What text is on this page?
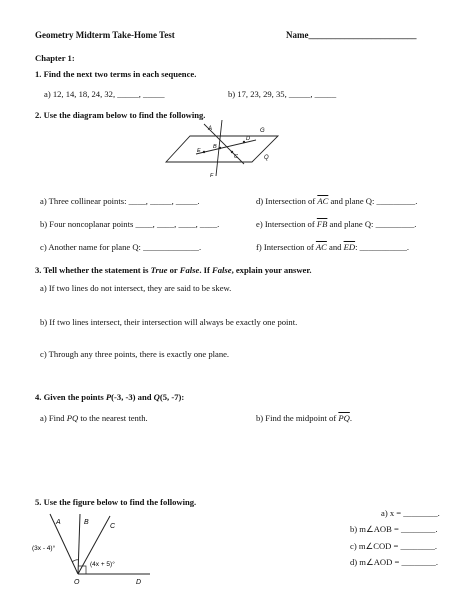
Geometry Midterm Take-Home Test	Name________________________
Chapter 1:
1. Find the next two terms in each sequence.
a) 12, 14, 18, 24, 32, _____, _____	b) 17, 23, 29, 35, _____, _____
2. Use the diagram below to find the following.
A	G
E
B
C
D
F
Q
a) Three collinear points: ____, _____, _____.
b) Four noncoplanar points ____, ____, ____, ____.
c) Another name for plane Q: _____________.
d) Intersection of $\overline{AC}$ and plane Q: _________.
e) Intersection of $\overline{FB}$ and plane Q: _________.
f) Intersection of $\overline{AC}$ and $\overline{ED}$: ___________.
3. Tell whether the statement is True or False. If False, explain your answer.
a) If two lines do not intersect, they are said to be skew.
b) If two lines intersect, their intersection will always be exactly one point.
c) Through any three points, there is exactly one plane.
4. Given the points P(-3, -3) and Q(5, -7):
a) Find PQ to the nearest tenth.	b) Find the midpoint of $\overline{PQ}$.
5. Use the figure below to find the following.
A	B
C
O	D
(3x - 4)°
(4x + 5)°
a) x = ________.
b) m∠AOB = ________.
c) m∠COD = ________.
d) m∠AOD = ________.
